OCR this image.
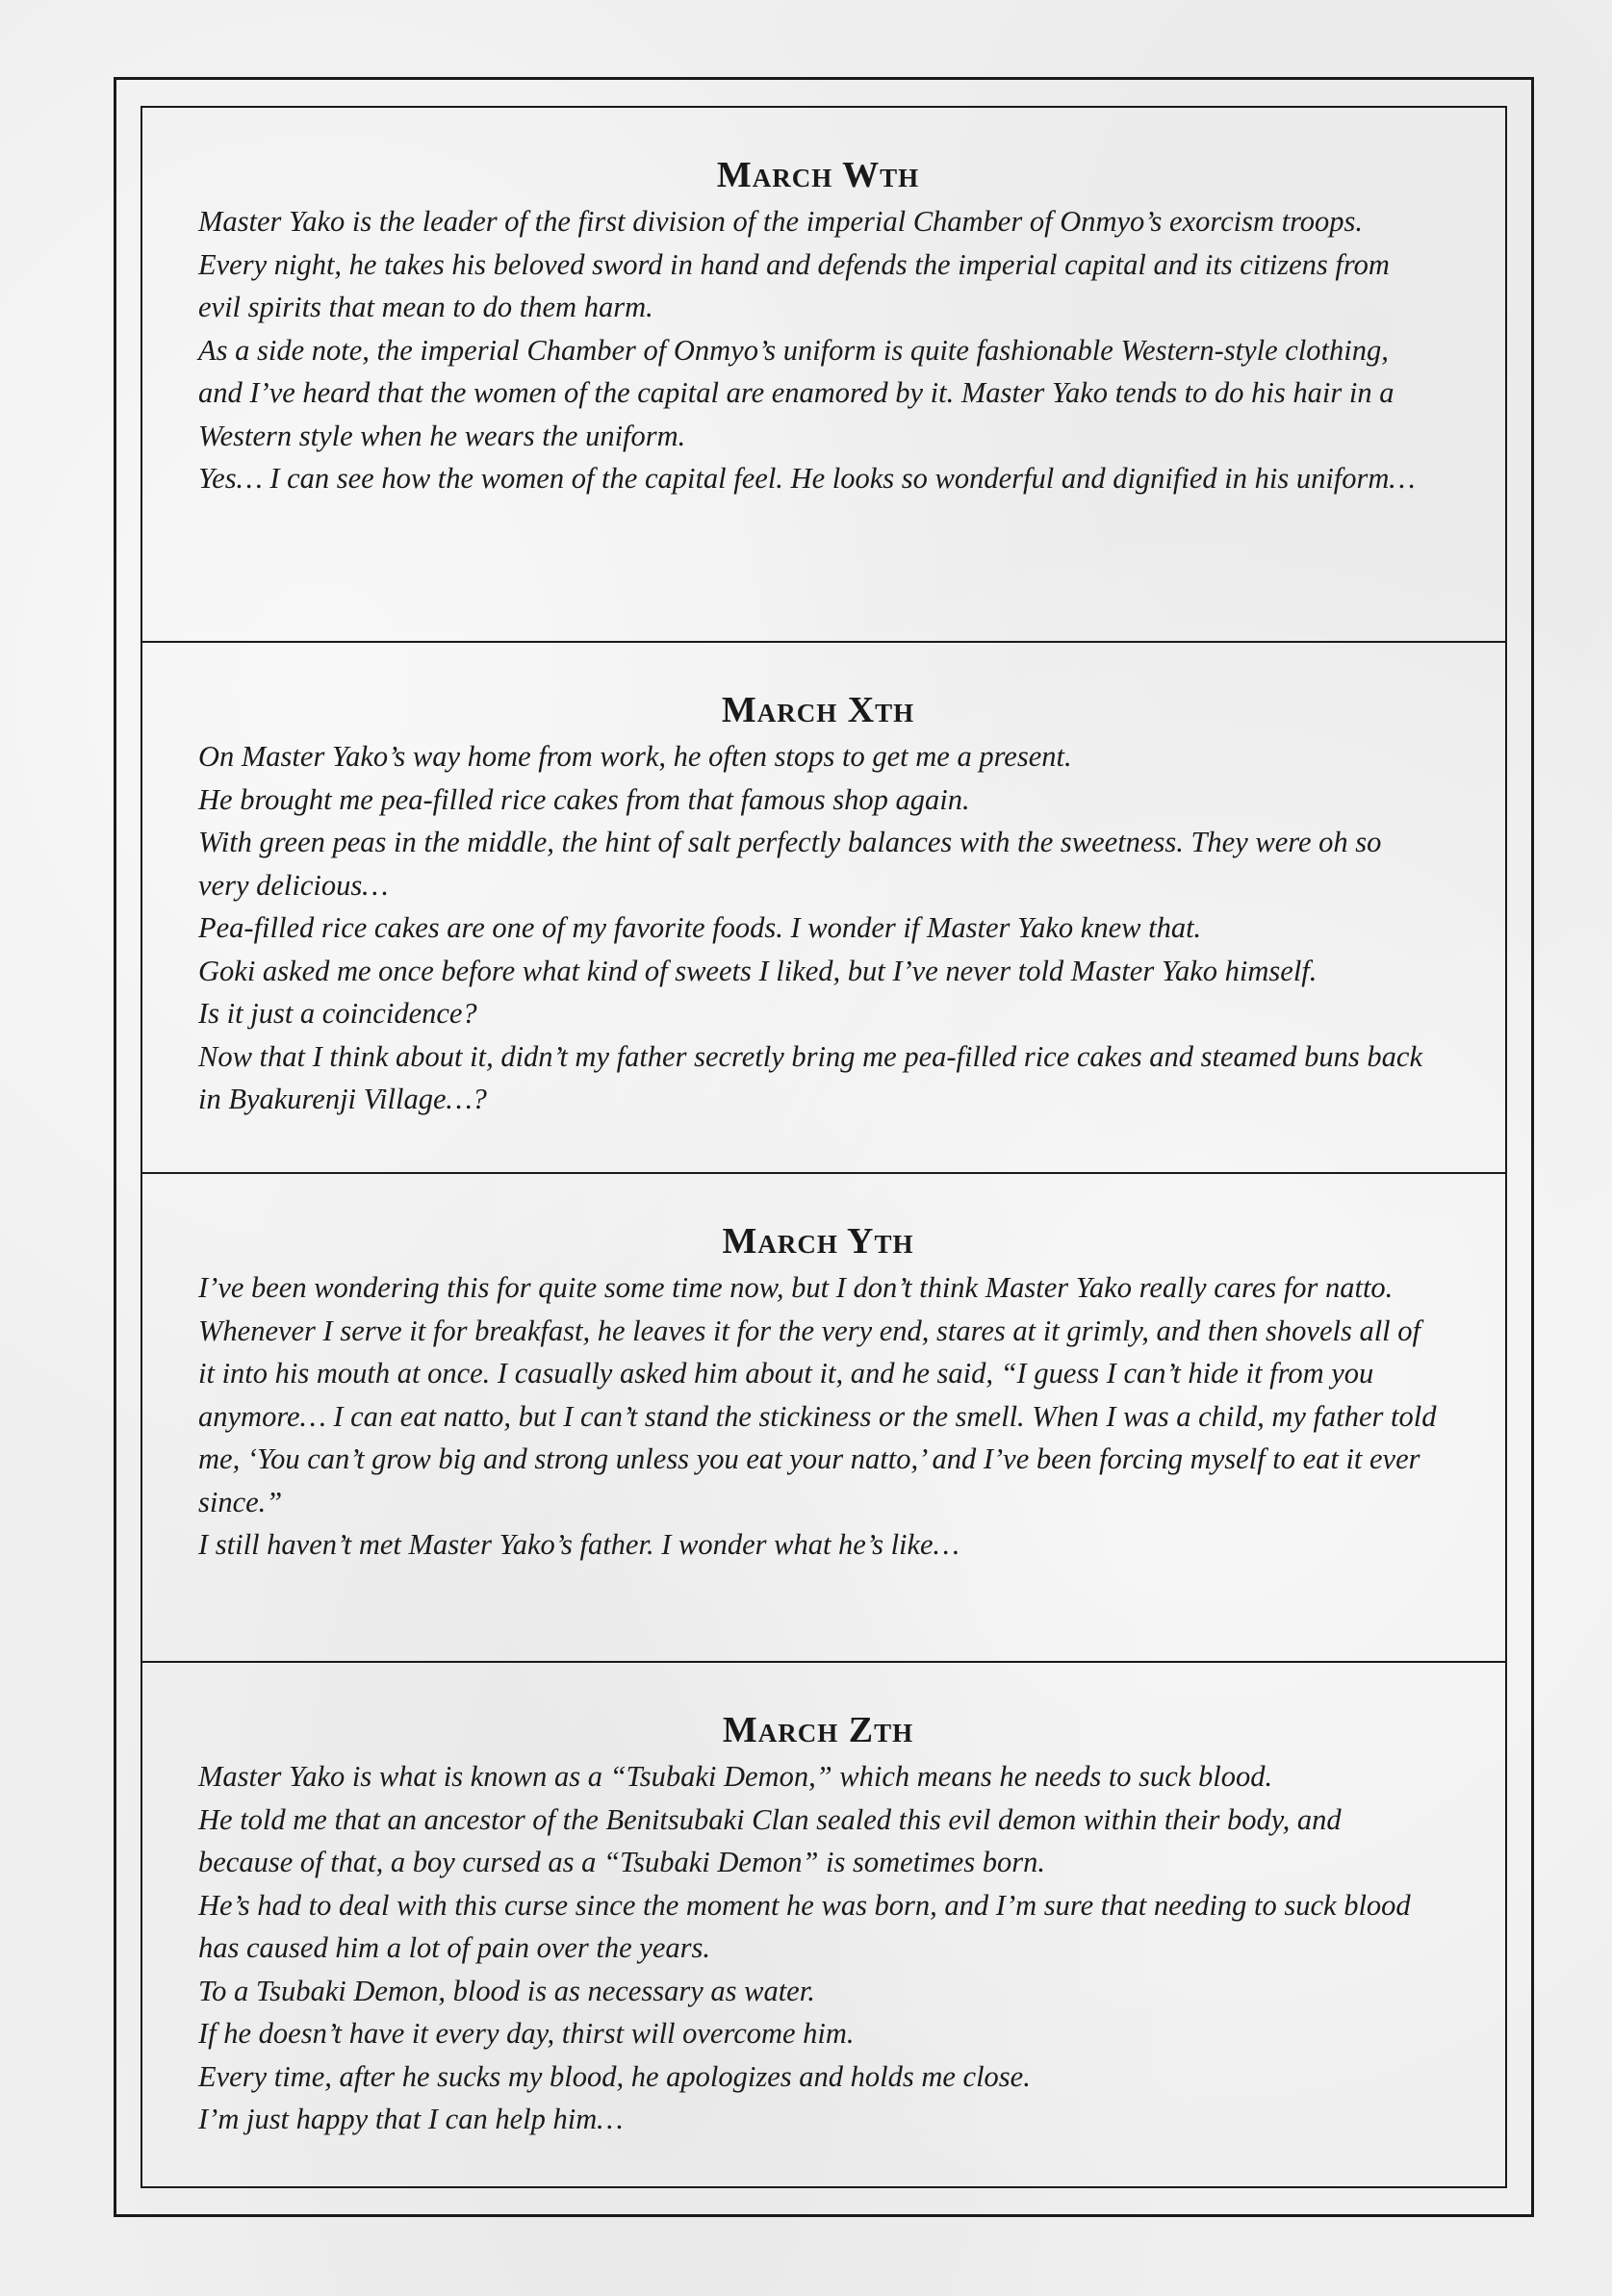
March Wth

Master Yako is the leader of the first division of the imperial Chamber of Onmyo’s exorcism troops.

Every night, he takes his beloved sword in hand and defends the imperial capital and its citizens from evil spirits that mean to do them harm.

As a side note, the imperial Chamber of Onmyo’s uniform is quite fashionable Western-style clothing, and I’ve heard that the women of the capital are enamored by it. Master Yako tends to do his hair in a Western style when he wears the uniform.

Yes… I can see how the women of the capital feel. He looks so wonderful and dignified in his uniform…

March Xth

On Master Yako’s way home from work, he often stops to get me a present.

He brought me pea-filled rice cakes from that famous shop again.

With green peas in the middle, the hint of salt perfectly balances with the sweetness. They were oh so very delicious…

Pea-filled rice cakes are one of my favorite foods. I wonder if Master Yako knew that.

Goki asked me once before what kind of sweets I liked, but I’ve never told Master Yako himself.

Is it just a coincidence?

Now that I think about it, didn’t my father secretly bring me pea-filled rice cakes and steamed buns back in Byakurenji Village…?

March Yth

I’ve been wondering this for quite some time now, but I don’t think Master Yako really cares for natto.

Whenever I serve it for breakfast, he leaves it for the very end, stares at it grimly, and then shovels all of it into his mouth at once. I casually asked him about it, and he said, “I guess I can’t hide it from you anymore… I can eat natto, but I can’t stand the stickiness or the smell. When I was a child, my father told me, ‘You can’t grow big and strong unless you eat your natto,’ and I’ve been forcing myself to eat it ever since.”

I still haven’t met Master Yako’s father. I wonder what he’s like…

March Zth

Master Yako is what is known as a “Tsubaki Demon,” which means he needs to suck blood.

He told me that an ancestor of the Benitsubaki Clan sealed this evil demon within their body, and because of that, a boy cursed as a “Tsubaki Demon” is sometimes born.

He’s had to deal with this curse since the moment he was born, and I’m sure that needing to suck blood has caused him a lot of pain over the years.

To a Tsubaki Demon, blood is as necessary as water.

If he doesn’t have it every day, thirst will overcome him.

Every time, after he sucks my blood, he apologizes and holds me close.

I’m just happy that I can help him…
